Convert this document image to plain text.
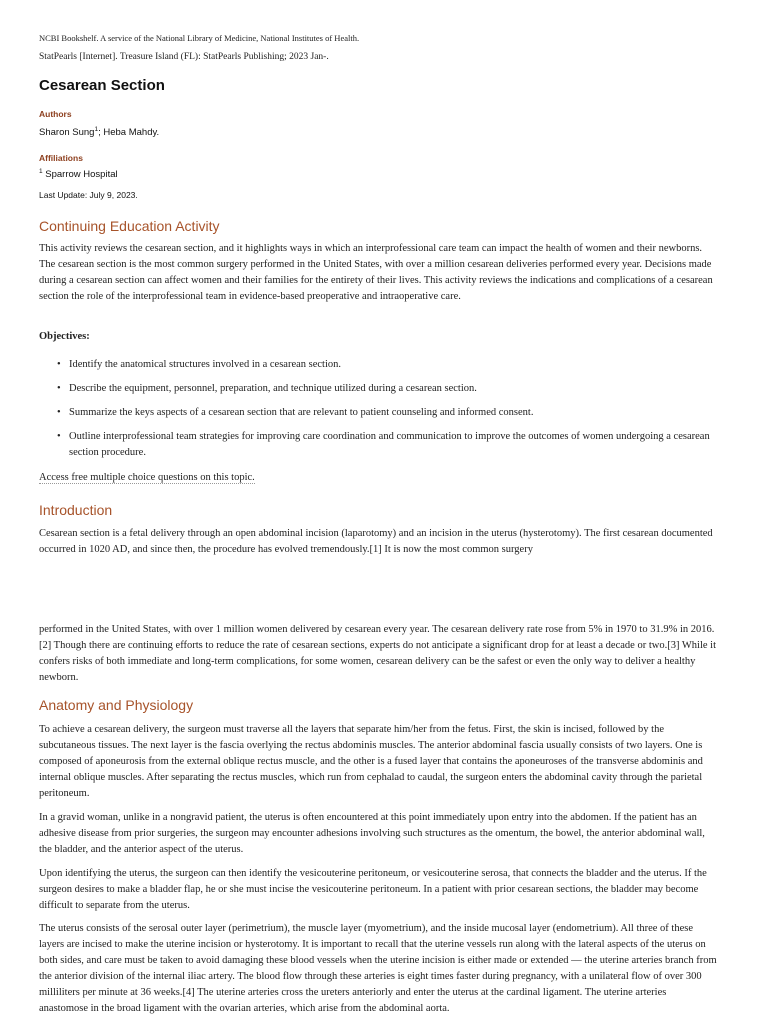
NCBI Bookshelf. A service of the National Library of Medicine, National Institutes of Health.
StatPearls [Internet]. Treasure Island (FL): StatPearls Publishing; 2023 Jan-.
Cesarean Section
Authors
Sharon Sung$^1$; Heba Mahdy.
Affiliations
$^1$ Sparrow Hospital
Last Update: July 9, 2023.
Continuing Education Activity

This activity reviews the cesarean section, and it highlights ways in which an interprofessional care team can impact the health of women and their newborns. The cesarean section is the most common surgery performed in the United States, with over a million cesarean deliveries performed every year. Decisions made during a cesarean section can affect women and their families for the entirety of their lives. This activity reviews the indications and complications of a cesarean section the role of the interprofessional team in evidence-based preoperative and intraoperative care.

Objectives:
• Identify the anatomical structures involved in a cesarean section.
• Describe the equipment, personnel, preparation, and technique utilized during a cesarean section.
• Summarize the keys aspects of a cesarean section that are relevant to patient counseling and informed consent.
• Outline interprofessional team strategies for improving care coordination and communication to improve the outcomes of women undergoing a cesarean section procedure.
Access free multiple choice questions on this topic.
Introduction

Cesarean section is a fetal delivery through an open abdominal incision (laparotomy) and an incision in the uterus (hysterotomy). The first cesarean documented occurred in 1020 AD, and since then, the procedure has evolved tremendously.[1] It is now the most common surgery

performed in the United States, with over 1 million women delivered by cesarean every year. The cesarean delivery rate rose from 5% in 1970 to 31.9% in 2016.[2] Though there are continuing efforts to reduce the rate of cesarean sections, experts do not anticipate a significant drop for at least a decade or two.[3] While it confers risks of both immediate and long-term complications, for some women, cesarean delivery can be the safest or even the only way to deliver a healthy newborn.

Anatomy and Physiology

To achieve a cesarean delivery, the surgeon must traverse all the layers that separate him/her from the fetus. First, the skin is incised, followed by the subcutaneous tissues. The next layer is the fascia overlying the rectus abdominis muscles. The anterior abdominal fascia usually consists of two layers. One is composed of aponeurosis from the external oblique rectus muscle, and the other is a fused layer that contains the aponeuroses of the transverse abdominis and internal oblique muscles. After separating the rectus muscles, which run from cephalad to caudal, the surgeon enters the abdominal cavity through the parietal peritoneum.

In a gravid woman, unlike in a nongravid patient, the uterus is often encountered at this point immediately upon entry into the abdomen. If the patient has an adhesive disease from prior surgeries, the surgeon may encounter adhesions involving such structures as the omentum, the bowel, the anterior abdominal wall, the bladder, and the anterior aspect of the uterus.

Upon identifying the uterus, the surgeon can then identify the vesicouterine peritoneum, or vesicouterine serosa, that connects the bladder and the uterus. If the surgeon desires to make a bladder flap, he or she must incise the vesicouterine peritoneum. In a patient with prior cesarean sections, the bladder may become difficult to separate from the uterus.

The uterus consists of the serosal outer layer (perimetrium), the muscle layer (myometrium), and the inside mucosal layer (endometrium). All three of these layers are incised to make the uterine incision or hysterotomy. It is important to recall that the uterine vessels run along with the lateral aspects of the uterus on both sides, and care must be taken to avoid damaging these blood vessels when the uterine incision is either made or extended — the uterine arteries branch from the anterior division of the internal iliac artery. The blood flow through these arteries is eight times faster during pregnancy, with a unilateral flow of over 300 milliliters per minute at 36 weeks.[4] The uterine arteries cross the ureters anteriorly and enter the uterus at the cardinal ligament. The uterine arteries anastomose in the broad ligament with the ovarian arteries, which arise from the abdominal aorta.
